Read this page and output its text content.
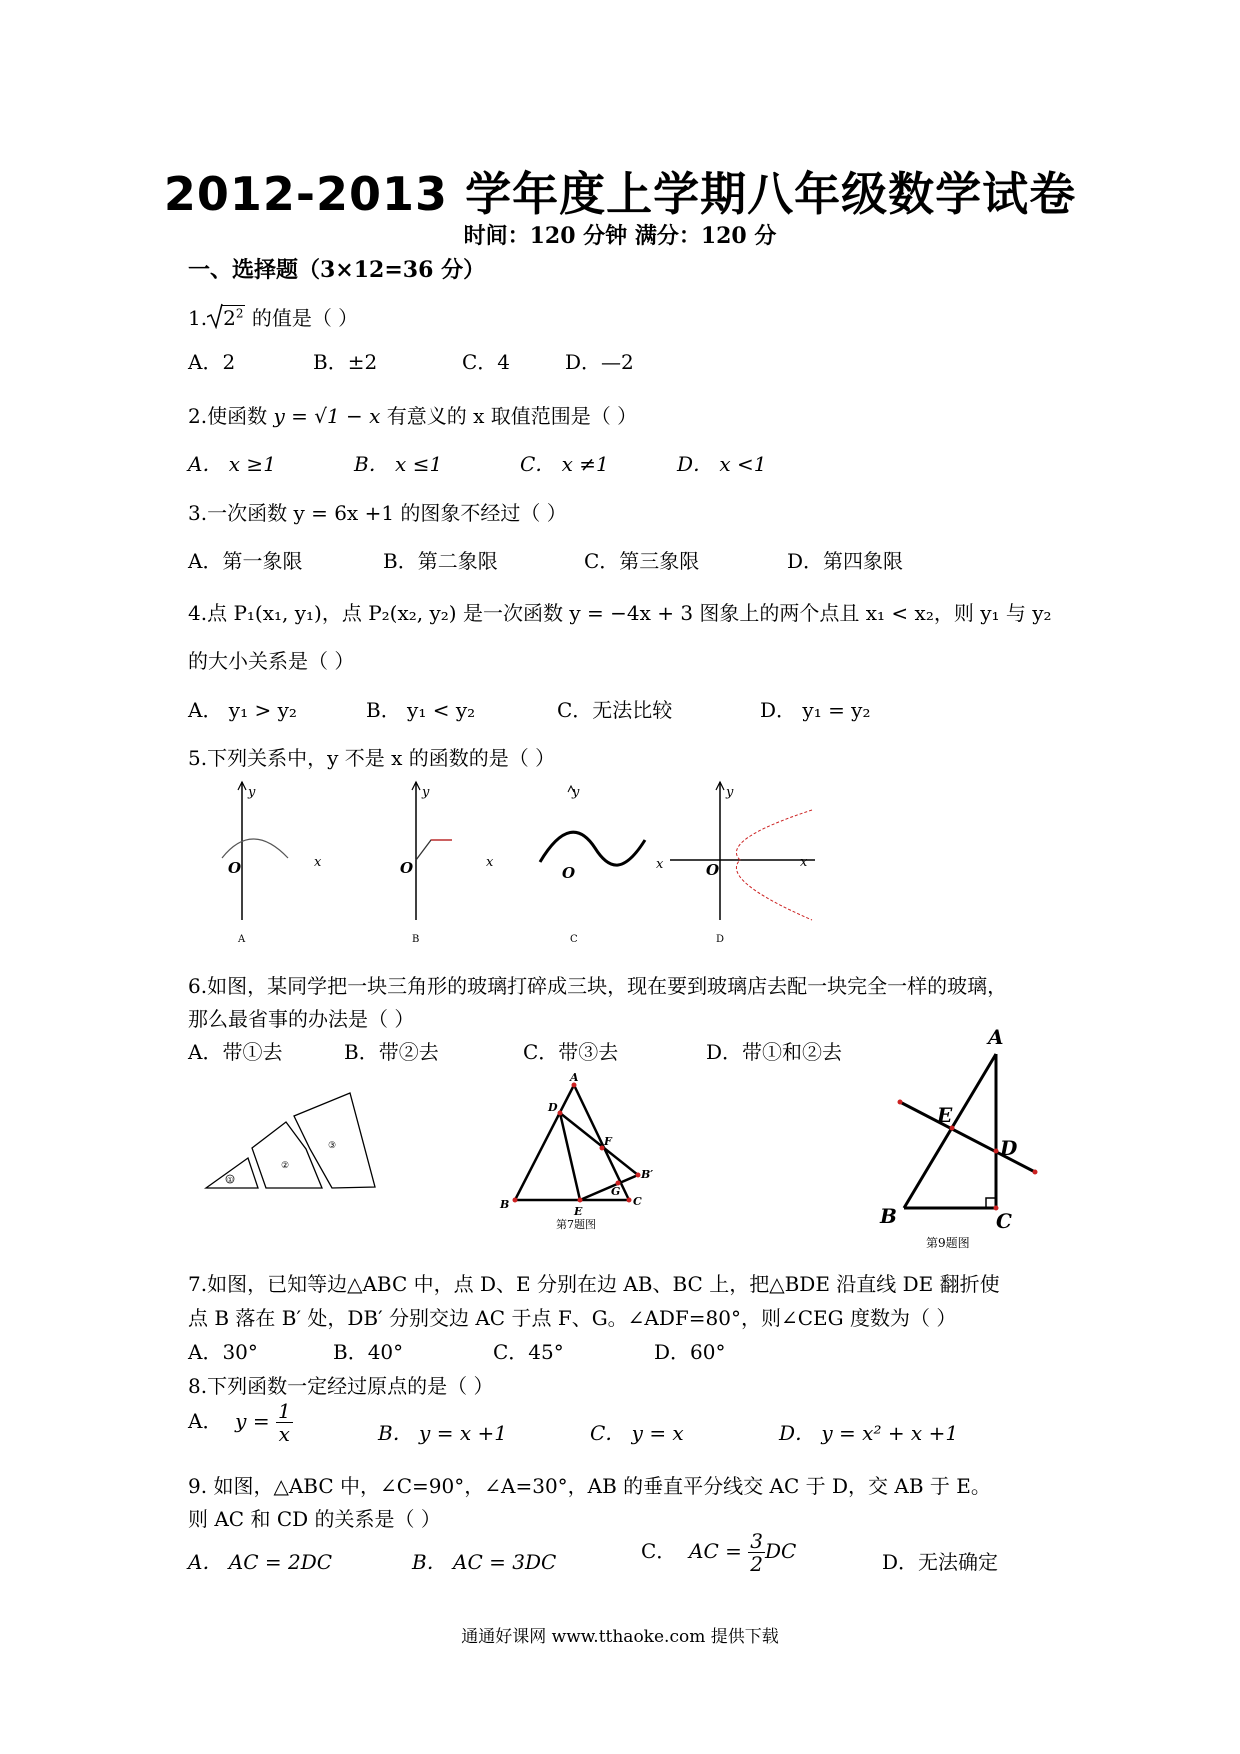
2012-2013 学年度上学期八年级数学试卷
时间：120 分钟 满分：120 分
一、选择题（3×12=36 分）
1. $2^2$ 的值是（ ）
A．2	B．±2	C．4	D．—2
2.使函数 y = √1 − x 有意义的 x 取值范围是（ ）
A． x ≥1	B． x ≤1	C． x ≠1	D． x <1
3.一次函数 y = 6x +1 的图象不经过（ ）
A．第一象限	B．第二象限	C．第三象限	D．第四象限
4.点 P₁(x₁, y₁)，点 P₂(x₂, y₂) 是一次函数 y = −4x + 3 图象上的两个点且 x₁ < x₂，则 y₁ 与 y₂
的大小关系是（ ）
A． y₁ > y₂	B． y₁ < y₂	C．无法比较	D． y₁ = y₂
5.下列关系中，y 不是 x 的函数的是（ ）
y
O	x
A
y
O	x
B
y
O	x
C
y
O	x
D
6.如图，某同学把一块三角形的玻璃打碎成三块，现在要到玻璃店去配一块完全一样的玻璃，
那么最省事的办法是（ ）
A．带①去	B．带②去	C．带③去	D．带①和②去
①
②
③
A
D
F
B′
G
C
B
E
第7题图
A
E
D
B	C
第9题图
7.如图，已知等边△ABC 中，点 D、E 分别在边 AB、BC 上，把△BDE 沿直线 DE 翻折使
点 B 落在 B′ 处，DB′ 分别交边 AC 于点 F、G。∠ADF=80°，则∠CEG 度数为（ ）
A．30°	B．40°	C．45°	D．60°
8.下列函数一定经过原点的是（ ）
A． $y = \frac{1}{x}$	B． y = x +1	C． y = x	D． y = x² + x +1
9. 如图，△ABC 中，∠C=90°，∠A=30°，AB 的垂直平分线交 AC 于 D，交 AB 于 E。
则 AC 和 CD 的关系是（ ）
A． AC = 2DC	B． AC = 3DC	C． AC = $\frac{3}{2}$ DC	D．无法确定
通通好课网 www.tthaoke.com 提供下载
